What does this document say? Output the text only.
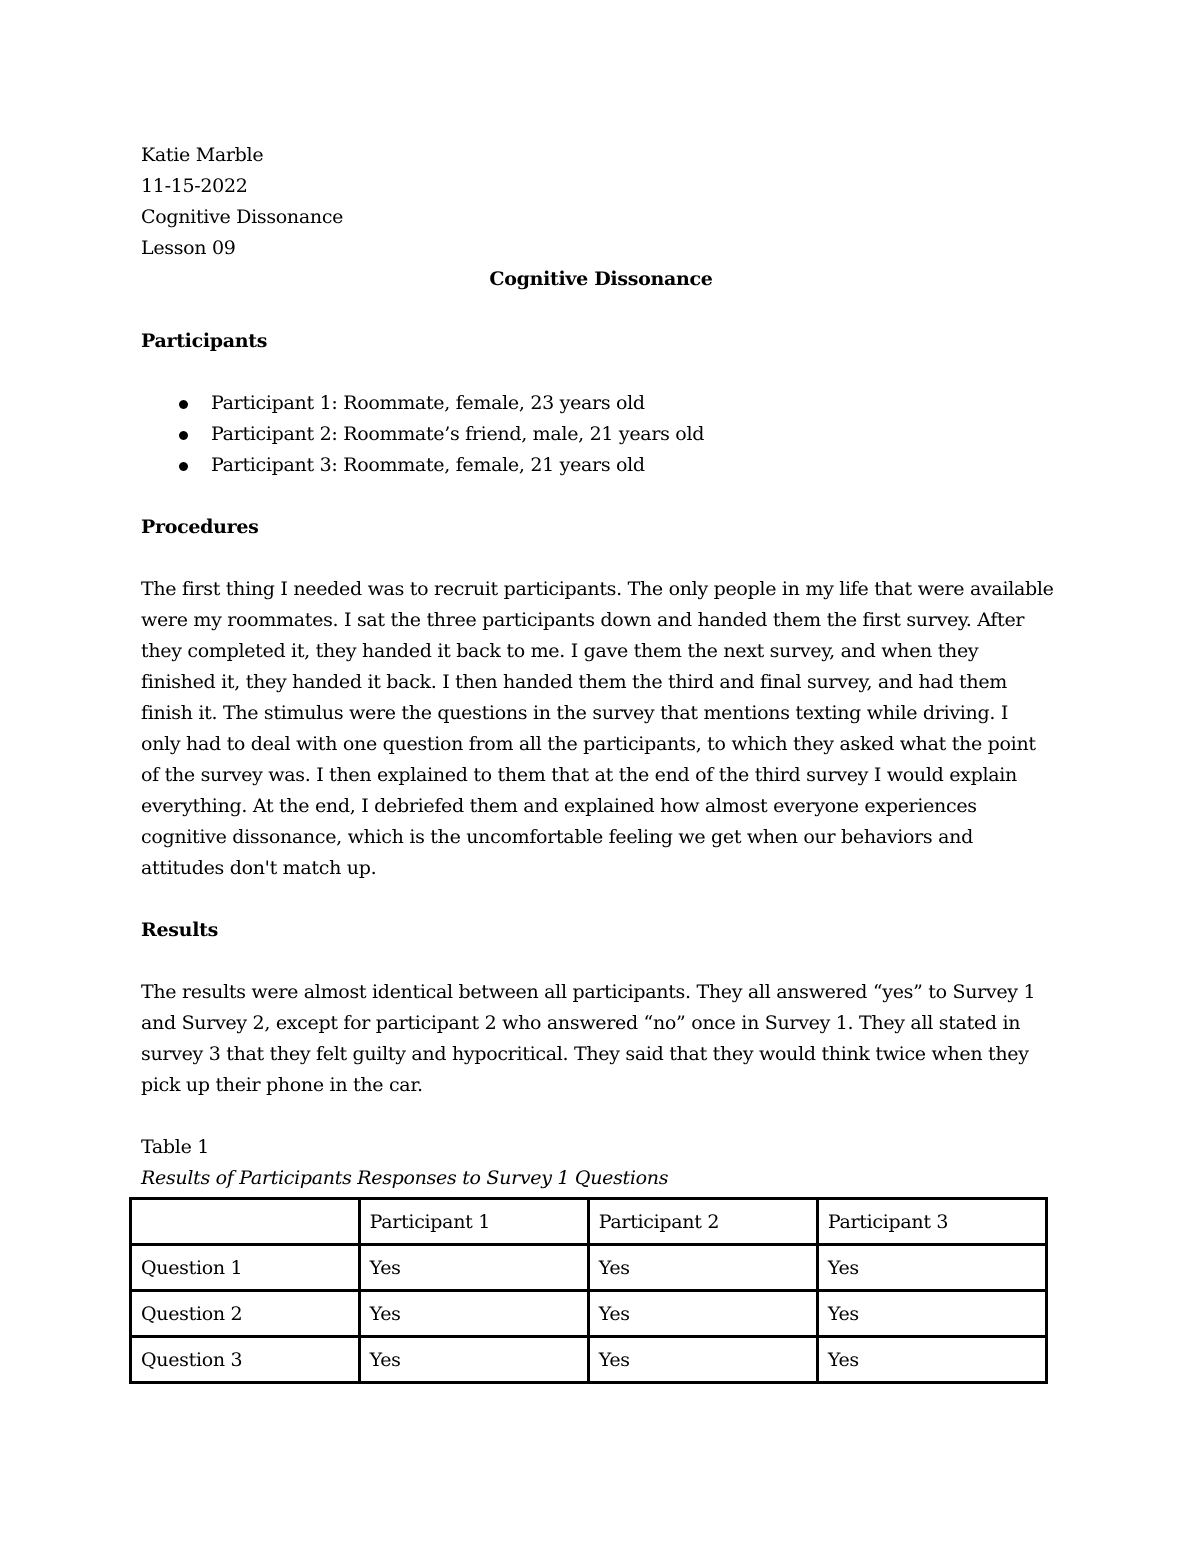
Katie Marble

11-15-2022

Cognitive Dissonance

Lesson 09

Cognitive Dissonance

Participants

Participant 1: Roommate, female, 23 years old
Participant 2: Roommate’s friend, male, 21 years old
Participant 3: Roommate, female, 21 years old

Procedures

The first thing I needed was to recruit participants. The only people in my life that were available

were my roommates. I sat the three participants down and handed them the first survey. After

they completed it, they handed it back to me. I gave them the next survey, and when they

finished it, they handed it back. I then handed them the third and final survey, and had them

finish it. The stimulus were the questions in the survey that mentions texting while driving. I

only had to deal with one question from all the participants, to which they asked what the point

of the survey was. I then explained to them that at the end of the third survey I would explain

everything. At the end, I debriefed them and explained how almost everyone experiences

cognitive dissonance, which is the uncomfortable feeling we get when our behaviors and

attitudes don't match up.

Results

The results were almost identical between all participants. They all answered “yes” to Survey 1

and Survey 2, except for participant 2 who answered “no” once in Survey 1. They all stated in

survey 3 that they felt guilty and hypocritical. They said that they would think twice when they

pick up their phone in the car.

Table 1

Results of Participants Responses to Survey 1 Questions

	Participant 1	Participant 2	Participant 3
Question 1	Yes	Yes	Yes
Question 2	Yes	Yes	Yes
Question 3	Yes	Yes	Yes
